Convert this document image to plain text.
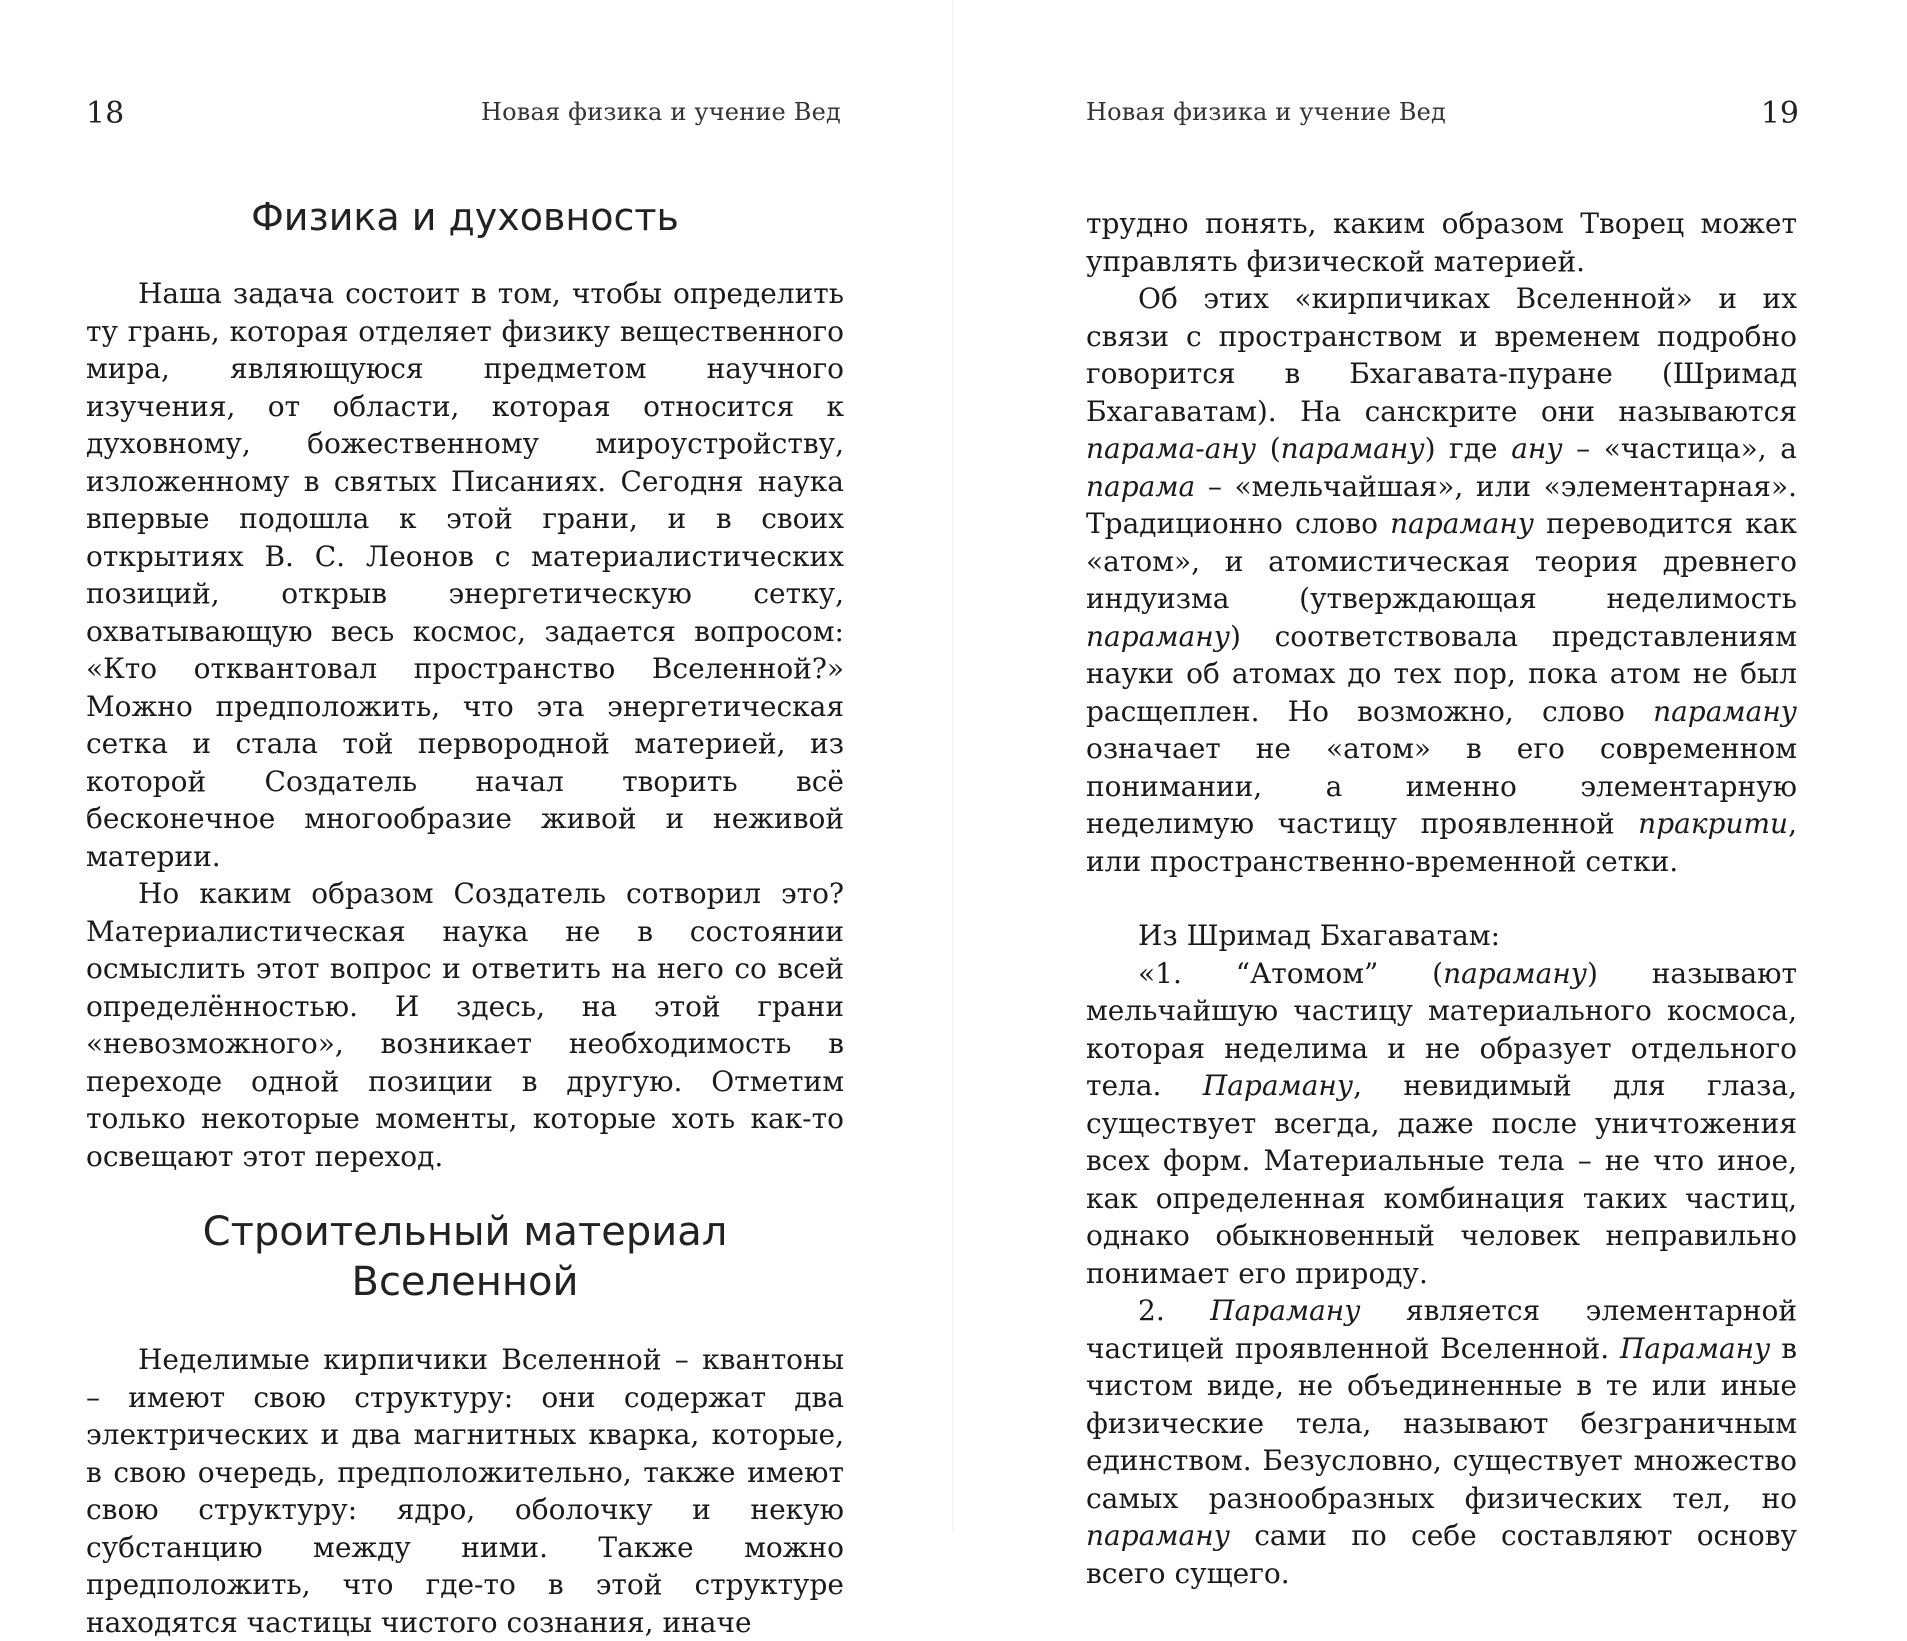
18	Новая физика и учение Вед
Физика и духовность

Наша задача состоит в том, чтобы определить ту грань, которая отделяет физику вещественного мира, являющуюся предметом научного изучения, от области, которая относится к духовному, божественному мироустройству, изложенному в святых Писаниях. Сегодня наука впервые подошла к этой грани, и в своих открытиях В. С. Леонов с материалистических позиций, открыв энергетическую сетку, охватывающую весь космос, задается вопросом: «Кто отквантовал пространство Вселенной?» Можно предположить, что эта энергетическая сетка и стала той первородной материей, из которой Создатель начал творить всё бесконечное многообразие живой и неживой материи.

Но каким образом Создатель сотворил это? Материалистическая наука не в состоянии осмыслить этот вопрос и ответить на него со всей определённостью. И здесь, на этой грани «невозможного», возникает необходимость в переходе одной позиции в другую. Отметим только некоторые моменты, которые хоть как-то освещают этот переход.

Строительный материал Вселенной

Неделимые кирпичики Вселенной – квантоны – имеют свою структуру: они содержат два электрических и два магнитных кварка, которые, в свою очередь, предположительно, также имеют свою структуру: ядро, оболочку и некую субстанцию между ними. Также можно предположить, что где-то в этой структуре находятся частицы чистого сознания, иначе

Новая физика и учение Вед	19

трудно понять, каким образом Творец может управлять физической материей.

Об этих «кирпичиках Вселенной» и их связи с пространством и временем подробно говорится в Бхагавата-пуране (Шримад Бхагаватам). На санскрите они называются парама-ану (параману) где ану – «частица», а парама – «мельчайшая», или «элементарная». Традиционно слово параману переводится как «атом», и атомистическая теория древнего индуизма (утверждающая неделимость параману) соответствовала представлениям науки об атомах до тех пор, пока атом не был расщеплен. Но возможно, слово параману означает не «атом» в его современном понимании, а именно элементарную неделимую частицу проявленной пракрити, или пространственно-временной сетки.

Из Шримад Бхагаватам:

«1. “Атомом” (параману) называют мельчайшую частицу материального космоса, которая неделима и не образует отдельного тела. Параману, невидимый для глаза, существует всегда, даже после уничтожения всех форм. Материальные тела – не что иное, как определенная комбинация таких частиц, однако обыкновенный человек неправильно понимает его природу.

2. Параману является элементарной частицей проявленной Вселенной. Параману в чистом виде, не объединенные в те или иные физические тела, называют безграничным единством. Безусловно, существует множество самых разнообразных физических тел, но параману сами по себе составляют основу всего сущего.
